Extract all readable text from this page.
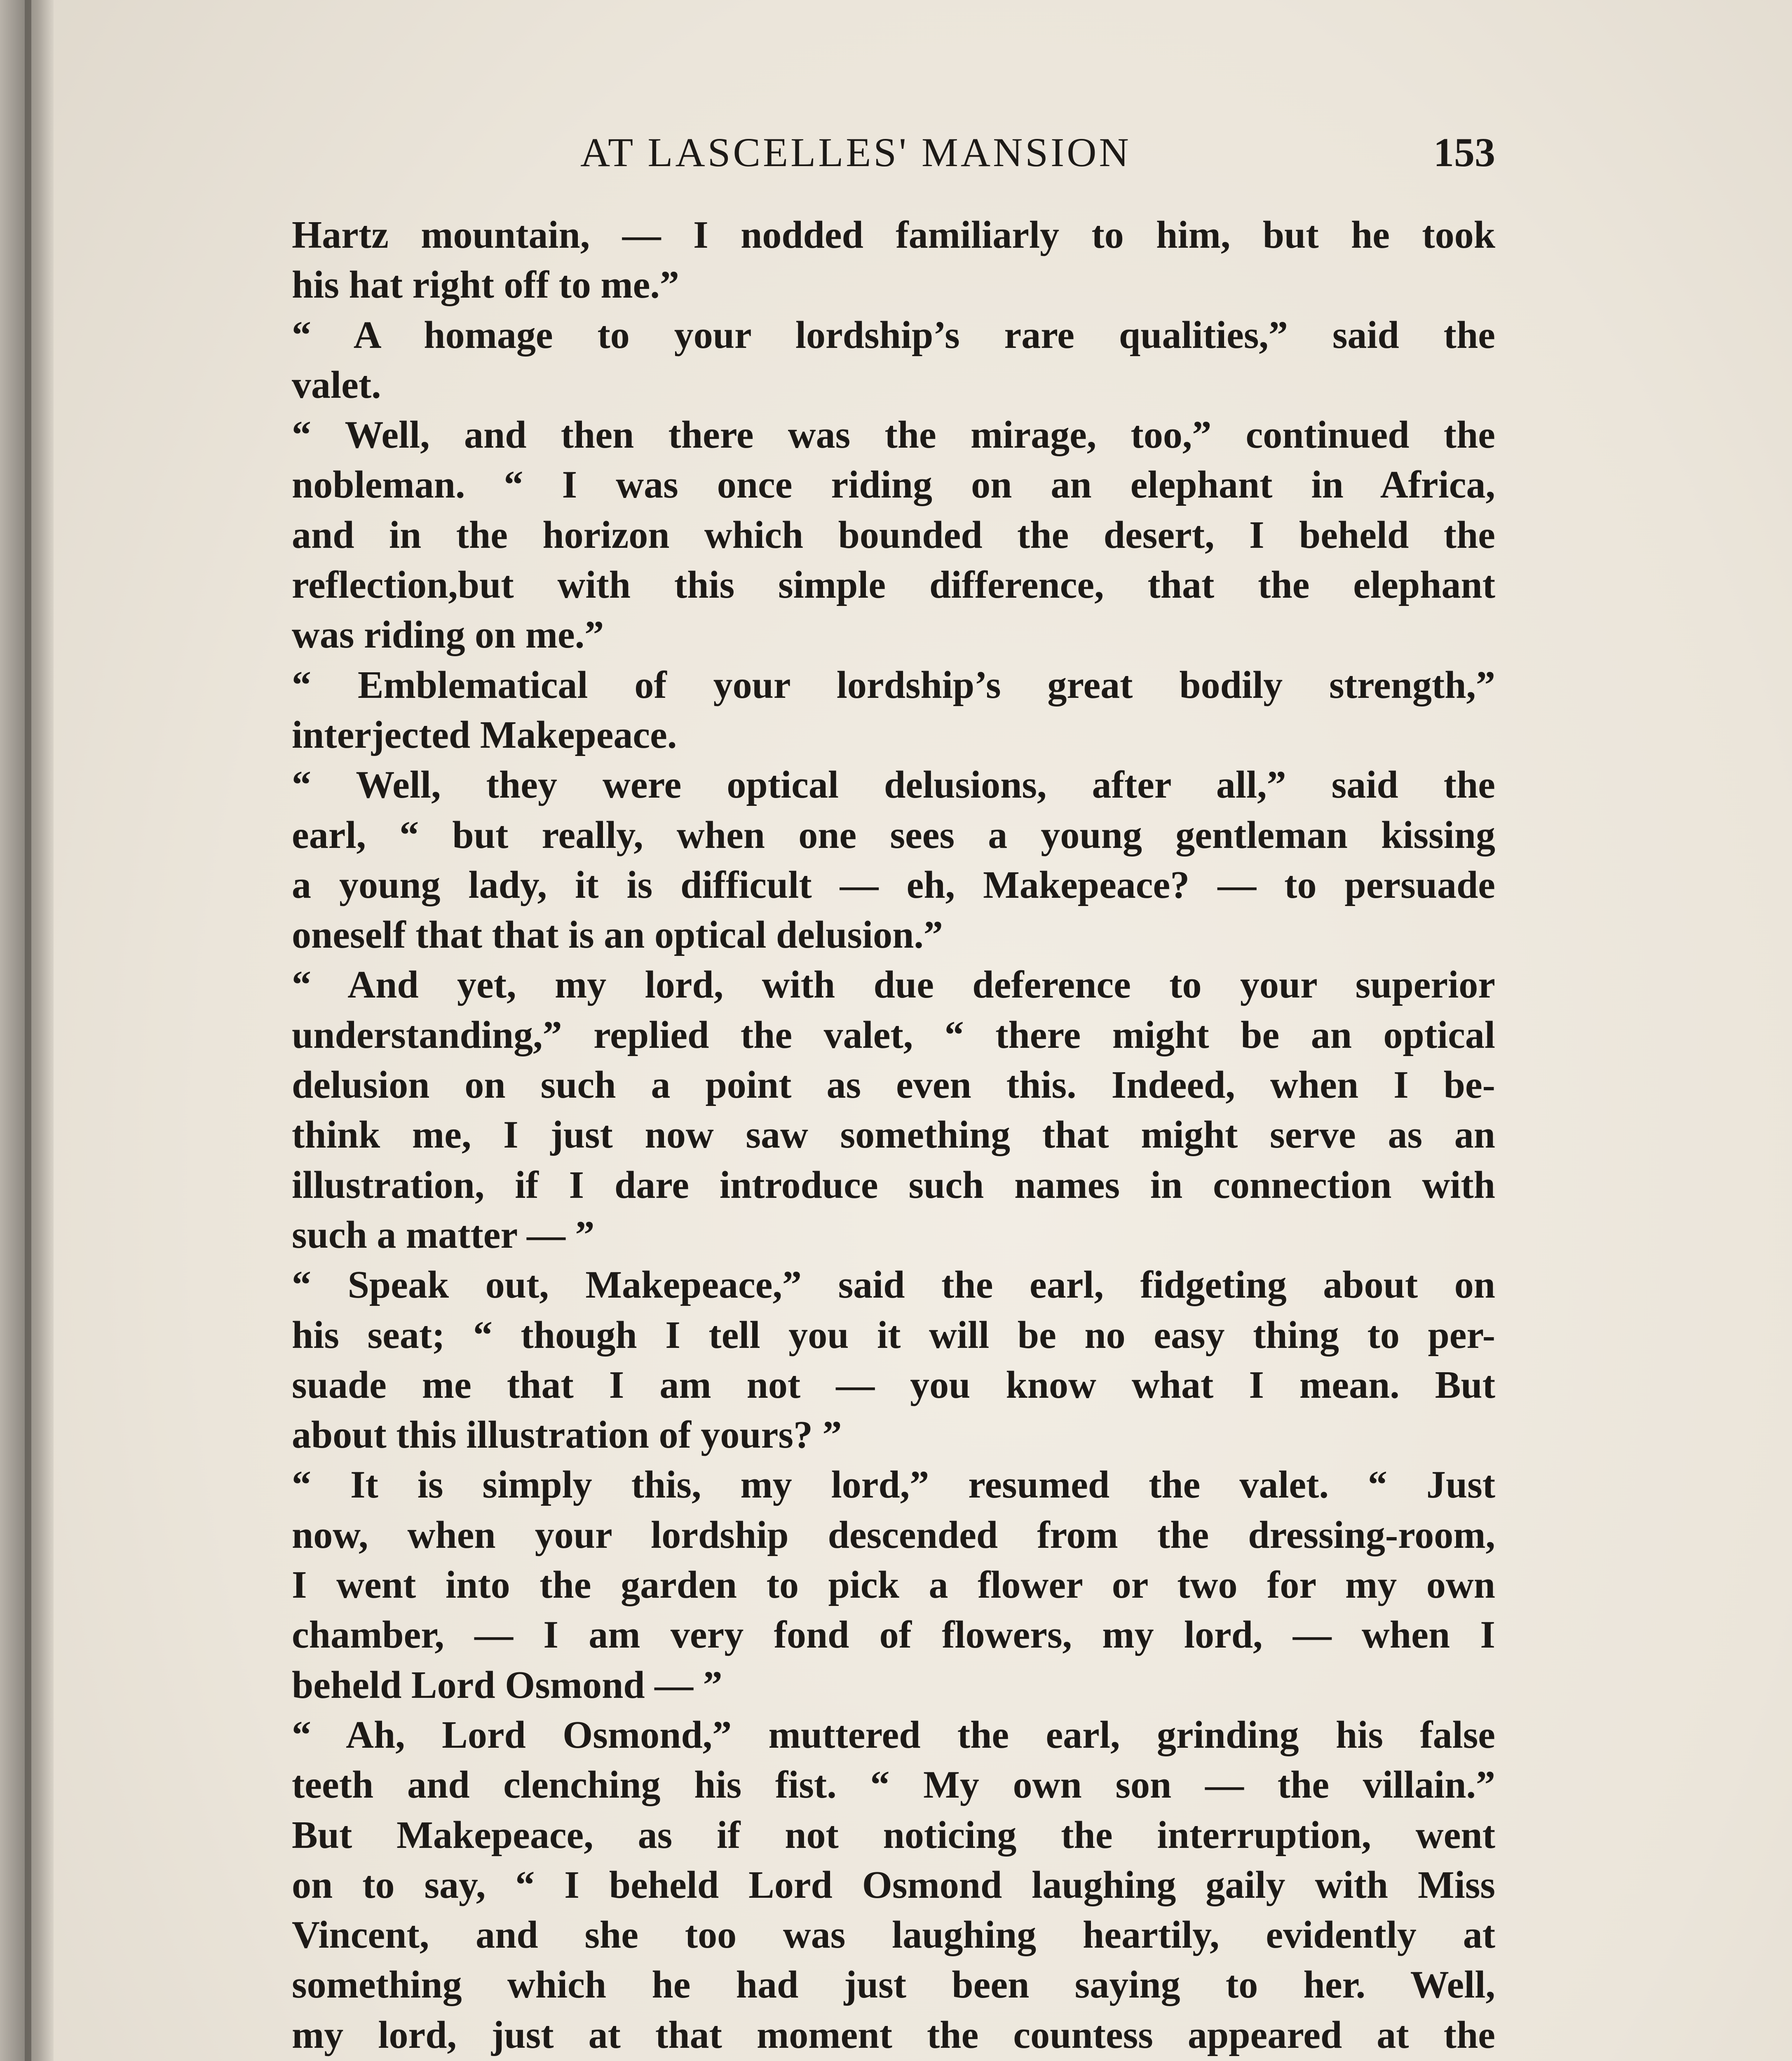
AT LASCELLES' MANSION	153
Hartz mountain, — I nodded familiarly to him, but he took
his hat right off to me.”
“ A homage to your lordship’s rare qualities,” said the
valet.
“ Well, and then there was the mirage, too,” continued the
nobleman. “ I was once riding on an elephant in Africa,
and in the horizon which bounded the desert, I beheld the
reflection,but with this simple difference, that the elephant
was riding on me.”
“ Emblematical of your lordship’s great bodily strength,”
interjected Makepeace.
“ Well, they were optical delusions, after all,” said the
earl, “ but really, when one sees a young gentleman kissing
a young lady, it is difficult — eh, Makepeace? — to persuade
oneself that that is an optical delusion.”
“ And yet, my lord, with due deference to your superior
understanding,” replied the valet, “ there might be an optical
delusion on such a point as even this. Indeed, when I be-
think me, I just now saw something that might serve as an
illustration, if I dare introduce such names in connection with
such a matter — ”
“ Speak out, Makepeace,” said the earl, fidgeting about on
his seat; “ though I tell you it will be no easy thing to per-
suade me that I am not — you know what I mean. But
about this illustration of yours? ”
“ It is simply this, my lord,” resumed the valet. “ Just
now, when your lordship descended from the dressing-room,
I went into the garden to pick a flower or two for my own
chamber, — I am very fond of flowers, my lord, — when I
beheld Lord Osmond — ”
“ Ah, Lord Osmond,” muttered the earl, grinding his false
teeth and clenching his fist. “ My own son — the villain.”
But Makepeace, as if not noticing the interruption, went
on to say, “ I beheld Lord Osmond laughing gaily with Miss
Vincent, and she too was laughing heartily, evidently at
something which he had just been saying to her. Well,
my lord, just at that moment the countess appeared at the
